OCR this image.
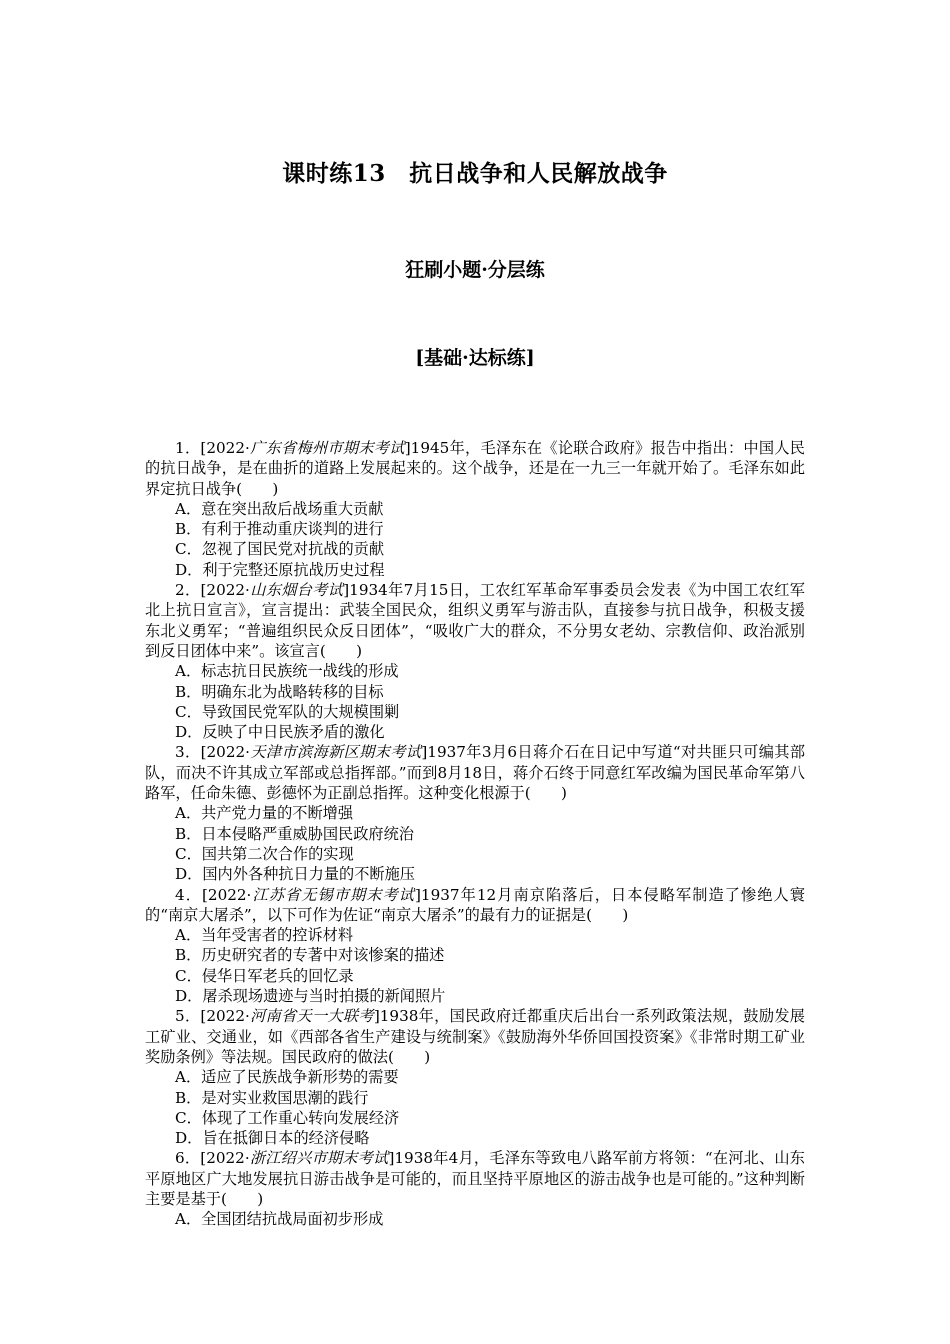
课时练13　抗日战争和人民解放战争
狂刷小题·分层练
[基础·达标练]

1．[2022·广东省梅州市期末考试]1945年，毛泽东在《论联合政府》报告中指出：中国人民的抗日战争，是在曲折的道路上发展起来的。这个战争，还是在一九三一年就开始了。毛泽东如此界定抗日战争(　　)

A．意在突出敌后战场重大贡献

B．有利于推动重庆谈判的进行

C．忽视了国民党对抗战的贡献

D．利于完整还原抗战历史过程

2．[2022·山东烟台考试]1934年7月15日，工农红军革命军事委员会发表《为中国工农红军北上抗日宣言》，宣言提出：武装全国民众，组织义勇军与游击队，直接参与抗日战争，积极支援东北义勇军；“普遍组织民众反日团体”，“吸收广大的群众，不分男女老幼、宗教信仰、政治派别到反日团体中来”。该宣言(　　)

A．标志抗日民族统一战线的形成

B．明确东北为战略转移的目标

C．导致国民党军队的大规模围剿

D．反映了中日民族矛盾的激化

3．[2022·天津市滨海新区期末考试]1937年3月6日蒋介石在日记中写道“对共匪只可编其部队，而决不许其成立军部或总指挥部。”而到8月18日，蒋介石终于同意红军改编为国民革命军第八路军，任命朱德、彭德怀为正副总指挥。这种变化根源于(　　)

A．共产党力量的不断增强

B．日本侵略严重威胁国民政府统治

C．国共第二次合作的实现

D．国内外各种抗日力量的不断施压

4．[2022·江苏省无锡市期末考试]1937年12月南京陷落后，日本侵略军制造了惨绝人寰的“南京大屠杀”，以下可作为佐证“南京大屠杀”的最有力的证据是(　　)

A．当年受害者的控诉材料

B．历史研究者的专著中对该惨案的描述

C．侵华日军老兵的回忆录

D．屠杀现场遗迹与当时拍摄的新闻照片

5．[2022·河南省天一大联考]1938年，国民政府迁都重庆后出台一系列政策法规，鼓励发展工矿业、交通业，如《西部各省生产建设与统制案》《鼓励海外华侨回国投资案》《非常时期工矿业奖励条例》等法规。国民政府的做法(　　)

A．适应了民族战争新形势的需要

B．是对实业救国思潮的践行

C．体现了工作重心转向发展经济

D．旨在抵御日本的经济侵略

6．[2022·浙江绍兴市期末考试]1938年4月，毛泽东等致电八路军前方将领：“在河北、山东平原地区广大地发展抗日游击战争是可能的，而且坚持平原地区的游击战争也是可能的。”这种判断主要是基于(　　)

A．全国团结抗战局面初步形成
